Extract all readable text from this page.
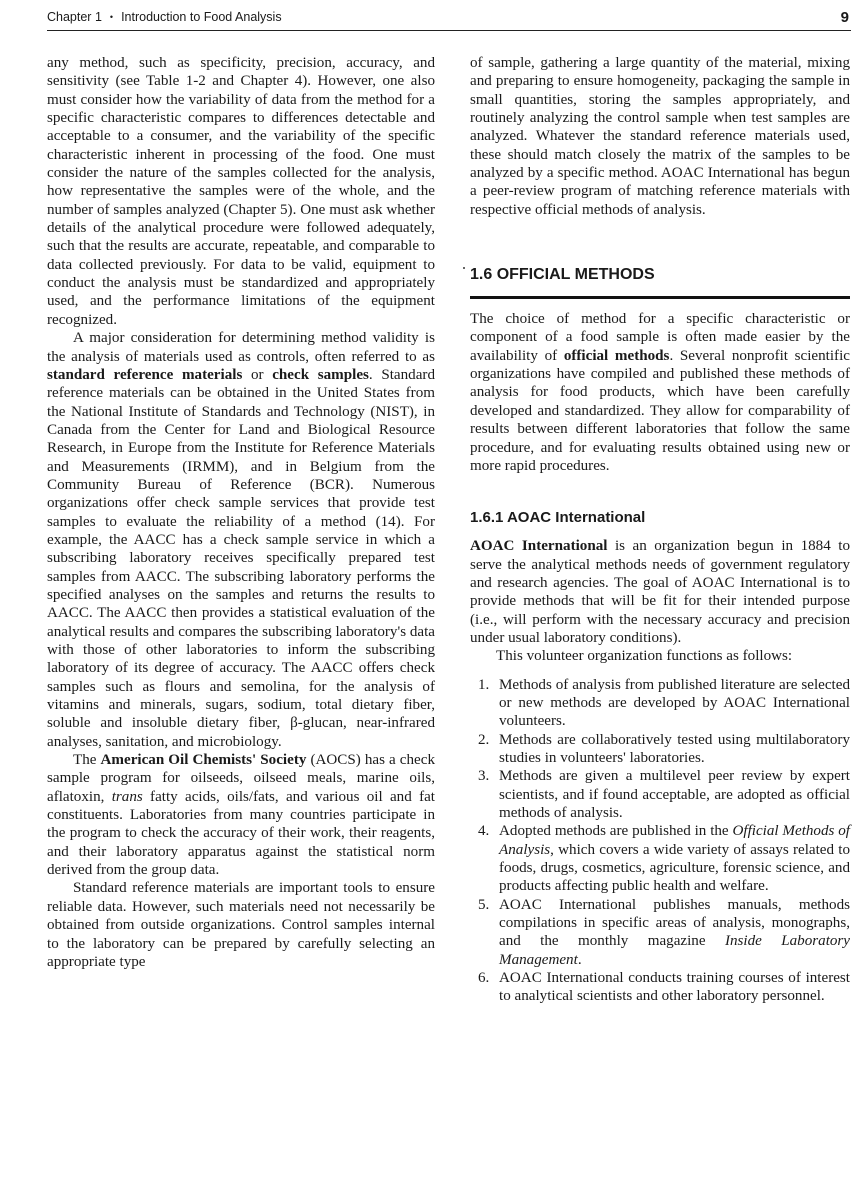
Chapter 1 • Introduction to Food Analysis	9

any method, such as specificity, precision, accuracy, and sensitivity (see Table 1-2 and Chapter 4). However, one also must consider how the variability of data from the method for a specific characteristic compares to differences detectable and acceptable to a consumer, and the variability of the specific characteristic inherent in processing of the food. One must consider the nature of the samples collected for the analysis, how representative the samples were of the whole, and the number of samples analyzed (Chapter 5). One must ask whether details of the analytical procedure were followed adequately, such that the results are accurate, repeatable, and comparable to data collected previously. For data to be valid, equipment to conduct the analysis must be standardized and appropriately used, and the performance limitations of the equipment recognized.

A major consideration for determining method validity is the analysis of materials used as controls, often referred to as standard reference materials or check samples. Standard reference materials can be obtained in the United States from the National Institute of Standards and Technology (NIST), in Canada from the Center for Land and Biological Resource Research, in Europe from the Institute for Reference Materials and Measurements (IRMM), and in Belgium from the Community Bureau of Reference (BCR). Numerous organizations offer check sample services that provide test samples to evaluate the reliability of a method (14). For example, the AACC has a check sample service in which a subscribing laboratory receives specifically prepared test samples from AACC. The subscribing laboratory performs the specified analyses on the samples and returns the results to AACC. The AACC then provides a statistical evaluation of the analytical results and compares the subscribing laboratory's data with those of other laboratories to inform the subscribing laboratory of its degree of accuracy. The AACC offers check samples such as flours and semolina, for the analysis of vitamins and minerals, sugars, sodium, total dietary fiber, soluble and insoluble dietary fiber, β-glucan, near-infrared analyses, sanitation, and microbiology.

The American Oil Chemists' Society (AOCS) has a check sample program for oilseeds, oilseed meals, marine oils, aflatoxin, trans fatty acids, oils/fats, and various oil and fat constituents. Laboratories from many countries participate in the program to check the accuracy of their work, their reagents, and their laboratory apparatus against the statistical norm derived from the group data.

Standard reference materials are important tools to ensure reliable data. However, such materials need not necessarily be obtained from outside organizations. Control samples internal to the laboratory can be prepared by carefully selecting an appropriate type

of sample, gathering a large quantity of the material, mixing and preparing to ensure homogeneity, packaging the sample in small quantities, storing the samples appropriately, and routinely analyzing the control sample when test samples are analyzed. Whatever the standard reference materials used, these should match closely the matrix of the samples to be analyzed by a specific method. AOAC International has begun a peer-review program of matching reference materials with respective official methods of analysis.

1.6 OFFICIAL METHODS

The choice of method for a specific characteristic or component of a food sample is often made easier by the availability of official methods. Several nonprofit scientific organizations have compiled and published these methods of analysis for food products, which have been carefully developed and standardized. They allow for comparability of results between different laboratories that follow the same procedure, and for evaluating results obtained using new or more rapid procedures.

1.6.1 AOAC International

AOAC International is an organization begun in 1884 to serve the analytical methods needs of government regulatory and research agencies. The goal of AOAC International is to provide methods that will be fit for their intended purpose (i.e., will perform with the necessary accuracy and precision under usual laboratory conditions).

This volunteer organization functions as follows:

1. Methods of analysis from published literature are selected or new methods are developed by AOAC International volunteers.
2. Methods are collaboratively tested using multilaboratory studies in volunteers' laboratories.
3. Methods are given a multilevel peer review by expert scientists, and if found acceptable, are adopted as official methods of analysis.
4. Adopted methods are published in the Official Methods of Analysis, which covers a wide variety of assays related to foods, drugs, cosmetics, agriculture, forensic science, and products affecting public health and welfare.
5. AOAC International publishes manuals, methods compilations in specific areas of analysis, monographs, and the monthly magazine Inside Laboratory Management.
6. AOAC International conducts training courses of interest to analytical scientists and other laboratory personnel.
